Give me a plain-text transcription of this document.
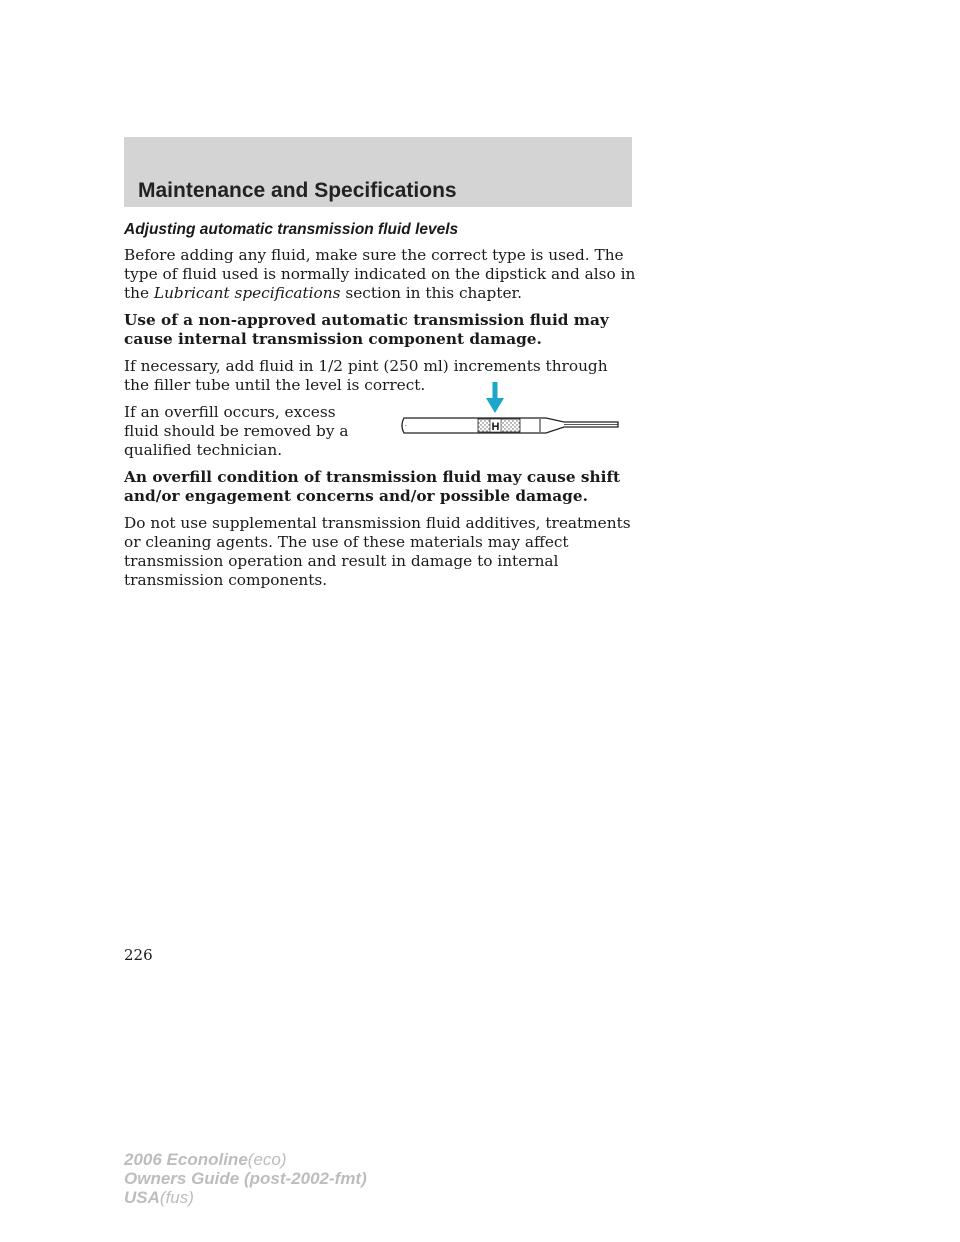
Maintenance and Specifications
Adjusting automatic transmission fluid levels

Before adding any fluid, make sure the correct type is used. The type of fluid used is normally indicated on the dipstick and also in the Lubricant specifications section in this chapter.

Use of a non-approved automatic transmission fluid may cause internal transmission component damage.

If necessary, add fluid in 1/2 pint (250 ml) increments through the filler tube until the level is correct.

If an overfill occurs, excess fluid should be removed by a qualified technician.

An overfill condition of transmission fluid may cause shift and/or engagement concerns and/or possible damage.

Do not use supplemental transmission fluid additives, treatments or cleaning agents. The use of these materials may affect transmission operation and result in damage to internal transmission components.

H
226
2006 Econoline(eco)
Owners Guide (post-2002-fmt)
USA(fus)
